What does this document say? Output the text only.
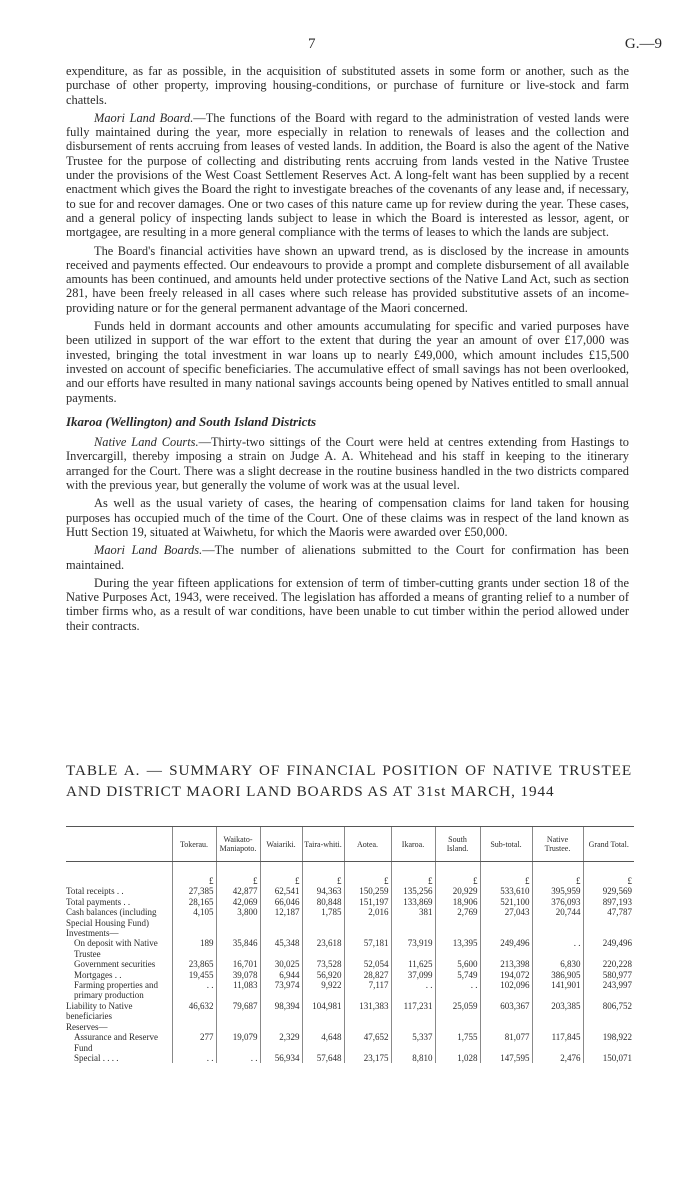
7	G.—9

expenditure, as far as possible, in the acquisition of substituted assets in some form or another, such as the purchase of other property, improving housing-conditions, or purchase of furniture or live-stock and farm chattels.

Maori Land Board.—The functions of the Board with regard to the administration of vested lands were fully maintained during the year, more especially in relation to renewals of leases and the collection and disbursement of rents accruing from leases of vested lands. In addition, the Board is also the agent of the Native Trustee for the purpose of collecting and distributing rents accruing from lands vested in the Native Trustee under the provisions of the West Coast Settlement Reserves Act. A long-felt want has been supplied by a recent enactment which gives the Board the right to investigate breaches of the covenants of any lease and, if necessary, to sue for and recover damages. One or two cases of this nature came up for review during the year. These cases, and a general policy of inspecting lands subject to lease in which the Board is interested as lessor, agent, or mortgagee, are resulting in a more general compliance with the terms of leases to which the lands are subject.

The Board's financial activities have shown an upward trend, as is disclosed by the increase in amounts received and payments effected. Our endeavours to provide a prompt and complete disbursement of all available amounts has been continued, and amounts held under protective sections of the Native Land Act, such as section 281, have been freely released in all cases where such release has provided substitutive assets of an income-providing nature or for the general permanent advantage of the Maori concerned.

Funds held in dormant accounts and other amounts accumulating for specific and varied purposes have been utilized in support of the war effort to the extent that during the year an amount of over £17,000 was invested, bringing the total investment in war loans up to nearly £49,000, which amount includes £15,500 invested on account of specific beneficiaries. The accumulative effect of small savings has not been overlooked, and our efforts have resulted in many national savings accounts being opened by Natives entitled to small annual payments.

Ikaroa (Wellington) and South Island Districts

Native Land Courts.—Thirty-two sittings of the Court were held at centres extending from Hastings to Invercargill, thereby imposing a strain on Judge A. A. Whitehead and his staff in keeping to the itinerary arranged for the Court. There was a slight decrease in the routine business handled in the two districts compared with the previous year, but generally the volume of work was at the usual level.

As well as the usual variety of cases, the hearing of compensation claims for land taken for housing purposes has occupied much of the time of the Court. One of these claims was in respect of the land known as Hutt Section 19, situated at Waiwhetu, for which the Maoris were awarded over £50,000.

Maori Land Boards.—The number of alienations submitted to the Court for confirmation has been maintained.

During the year fifteen applications for extension of term of timber-cutting grants under section 18 of the Native Purposes Act, 1943, were received. The legislation has afforded a means of granting relief to a number of timber firms who, as a result of war conditions, have been unable to cut timber within the period allowed under their contracts.

TABLE A. — SUMMARY OF FINANCIAL POSITION OF NATIVE TRUSTEE AND DISTRICT MAORI LAND BOARDS AS AT 31st MARCH, 1944
	Tokerau.	Waikato-Maniapoto.	Waiariki.	Taira-whiti.	Aotea.	Ikaroa.	South Island.	Sub-total.	Native Trustee.	Grand Total.
	£	£	£	£	£	£	£	£	£	£
Total receipts . .	27,385	42,877	62,541	94,363	150,259	135,256	20,929	533,610	395,959	929,569
Total payments . .	28,165	42,069	66,046	80,848	151,197	133,869	18,906	521,100	376,093	897,193
Cash balances (including Special Housing Fund)	4,105	3,800	12,187	1,785	2,016	381	2,769	27,043	20,744	47,787
Investments—										
On deposit with Native Trustee	189	35,846	45,348	23,618	57,181	73,919	13,395	249,496	. .	249,496
Government securities	23,865	16,701	30,025	73,528	52,054	11,625	5,600	213,398	6,830	220,228
Mortgages . .	19,455	39,078	6,944	56,920	28,827	37,099	5,749	194,072	386,905	580,977
Farming properties and primary production	. .	11,083	73,974	9,922	7,117	. .	. .	102,096	141,901	243,997
Liability to Native beneficiaries	46,632	79,687	98,394	104,981	131,383	117,231	25,059	603,367	203,385	806,752
Reserves—										
Assurance and Reserve Fund	277	19,079	2,329	4,648	47,652	5,337	1,755	81,077	117,845	198,922
Special . . . .	. .	. .	56,934	57,648	23,175	8,810	1,028	147,595	2,476	150,071
